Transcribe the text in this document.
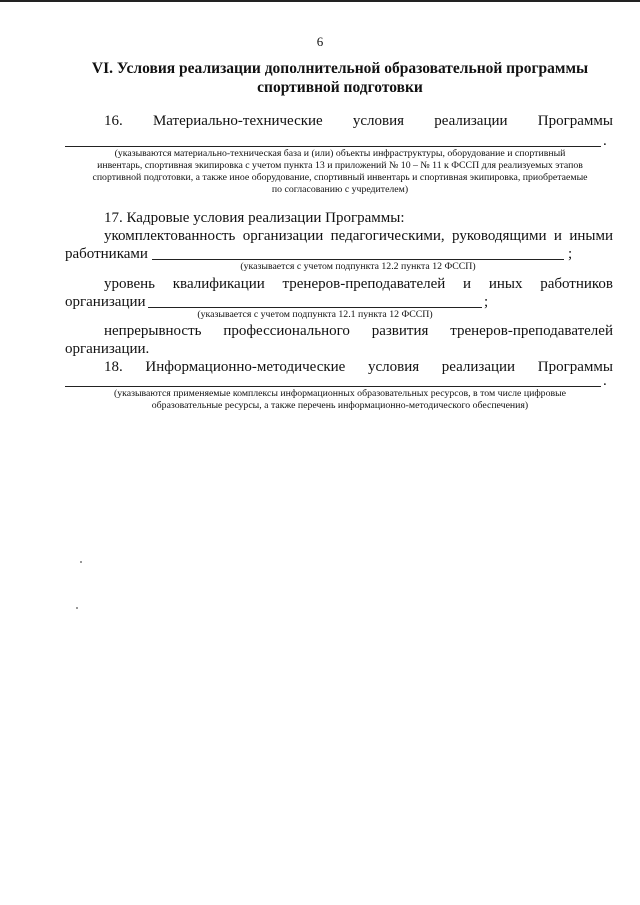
6
VI. Условия реализации дополнительной образовательной программы
спортивной подготовки
16. Материально-технические условия реализации Программы
.
(указываются материально-техническая база и (или) объекты инфраструктуры, оборудование и спортивный
инвентарь, спортивная экипировка с учетом пункта 13 и приложений № 10 – № 11 к ФССП для реализуемых этапов
спортивной подготовки, а также иное оборудование, спортивный инвентарь и спортивная экипировка, приобретаемые
по согласованию с учредителем)
17. Кадровые условия реализации Программы:
укомплектованность организации педагогическими, руководящими и иными
работниками	;
(указывается с учетом подпункта 12.2 пункта 12 ФССП)
уровень квалификации тренеров-преподавателей и иных работников
организации	;
(указывается с учетом подпункта 12.1 пункта 12 ФССП)
непрерывность профессионального развития тренеров-преподавателей
организации.
18. Информационно-методические условия реализации Программы
.
(указываются применяемые комплексы информационных образовательных ресурсов, в том числе цифровые
образовательные ресурсы, а также перечень информационно-методического обеспечения)
